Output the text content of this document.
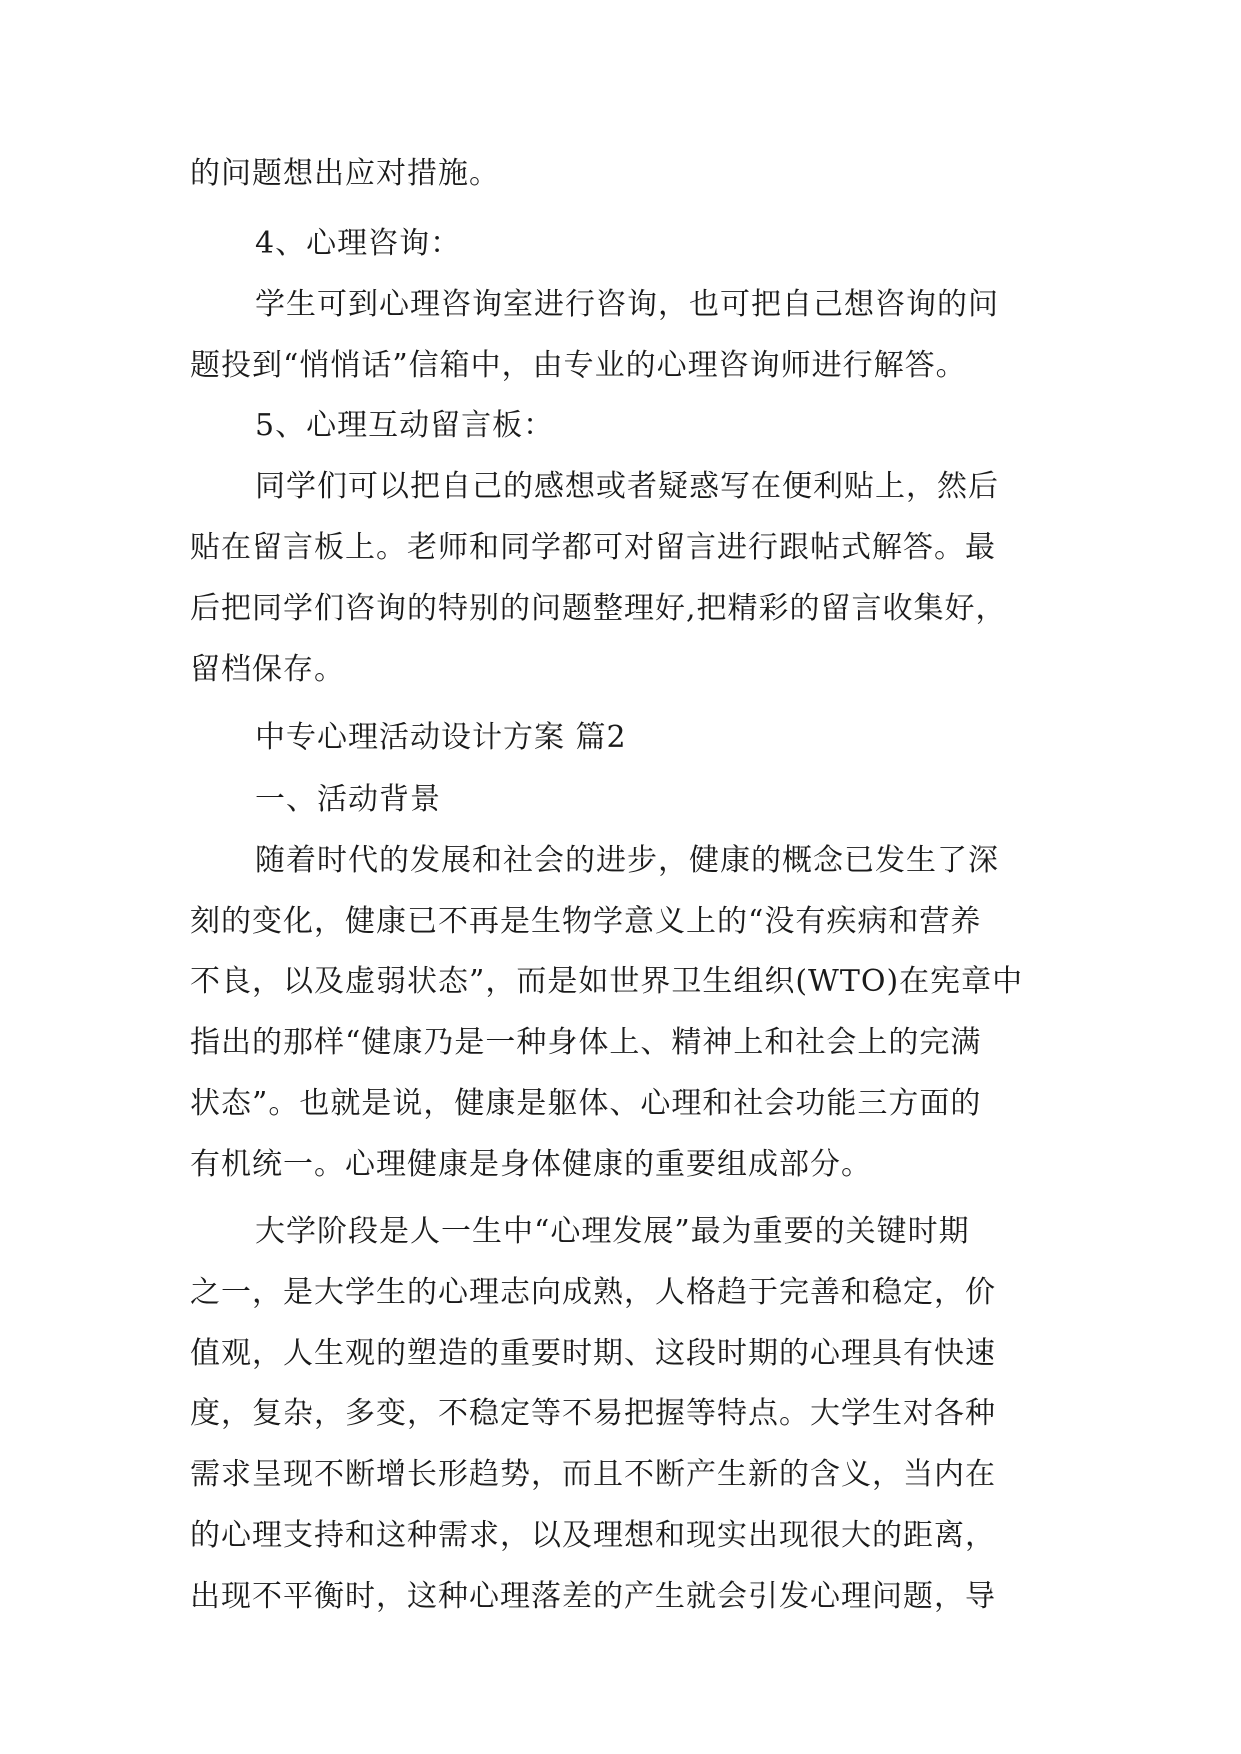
的问题想出应对措施。
4、心理咨询：
学生可到心理咨询室进行咨询，也可把自己想咨询的问
题投到“悄悄话”信箱中，由专业的心理咨询师进行解答。
5、心理互动留言板：
同学们可以把自己的感想或者疑惑写在便利贴上，然后
贴在留言板上。老师和同学都可对留言进行跟帖式解答。最
后把同学们咨询的特别的问题整理好,把精彩的留言收集好，
留档保存。
中专心理活动设计方案 篇2
一、活动背景
随着时代的发展和社会的进步，健康的概念已发生了深
刻的变化，健康已不再是生物学意义上的“没有疾病和营养
不良，以及虚弱状态”，而是如世界卫生组织(WTO)在宪章中
指出的那样“健康乃是一种身体上、精神上和社会上的完满
状态”。也就是说，健康是躯体、心理和社会功能三方面的
有机统一。心理健康是身体健康的重要组成部分。
大学阶段是人一生中“心理发展”最为重要的关键时期
之一，是大学生的心理志向成熟，人格趋于完善和稳定，价
值观，人生观的塑造的重要时期、这段时期的心理具有快速
度，复杂，多变，不稳定等不易把握等特点。大学生对各种
需求呈现不断增长形趋势，而且不断产生新的含义，当内在
的心理支持和这种需求，以及理想和现实出现很大的距离，
出现不平衡时，这种心理落差的产生就会引发心理问题，导
